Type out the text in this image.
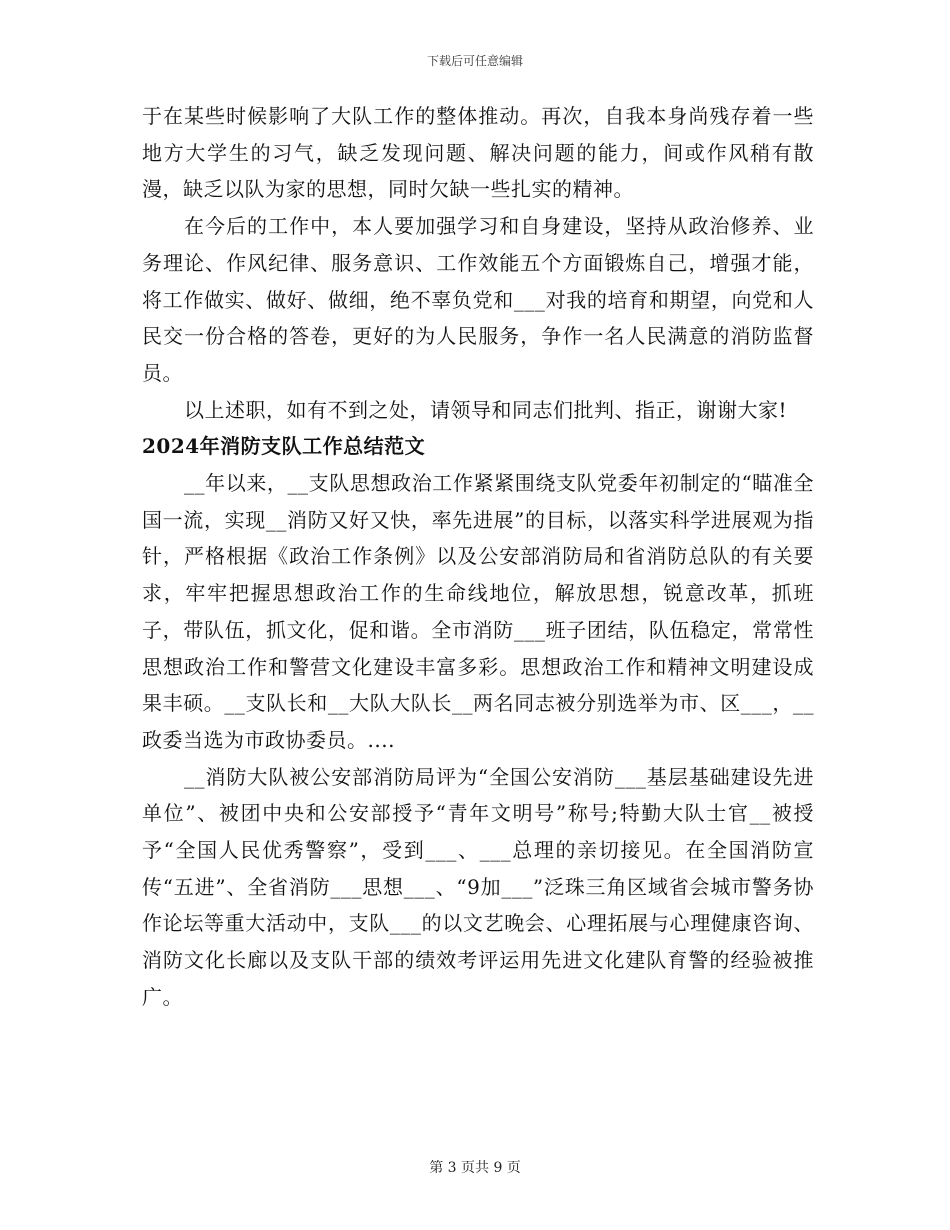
下载后可任意编辑

于在某些时候影响了大队工作的整体推动。再次，自我本身尚残存着一些地方大学生的习气，缺乏发现问题、解决问题的能力，间或作风稍有散漫，缺乏以队为家的思想，同时欠缺一些扎实的精神。

在今后的工作中，本人要加强学习和自身建设，坚持从政治修养、业务理论、作风纪律、服务意识、工作效能五个方面锻炼自己，增强才能，将工作做实、做好、做细，绝不辜负党和___对我的培育和期望，向党和人民交一份合格的答卷，更好的为人民服务，争作一名人民满意的消防监督员。

以上述职，如有不到之处，请领导和同志们批判、指正，谢谢大家!

2024年消防支队工作总结范文

__年以来，__支队思想政治工作紧紧围绕支队党委年初制定的“瞄准全国一流，实现__消防又好又快，率先进展”的目标，以落实科学进展观为指针，严格根据《政治工作条例》以及公安部消防局和省消防总队的有关要求，牢牢把握思想政治工作的生命线地位，解放思想，锐意改革，抓班子，带队伍，抓文化，促和谐。全市消防___班子团结，队伍稳定，常常性思想政治工作和警营文化建设丰富多彩。思想政治工作和精神文明建设成果丰硕。__支队长和__大队大队长__两名同志被分别选举为市、区___，__政委当选为市政协委员。....

__消防大队被公安部消防局评为“全国公安消防___基层基础建设先进单位”、被团中央和公安部授予“青年文明号”称号;特勤大队士官__被授予“全国人民优秀警察”，受到___、___总理的亲切接见。在全国消防宣传“五进”、全省消防___思想___、“9加___”泛珠三角区域省会城市警务协作论坛等重大活动中，支队___的以文艺晚会、心理拓展与心理健康咨询、消防文化长廊以及支队干部的绩效考评运用先进文化建队育警的经验被推广。

第 3 页共 9 页
